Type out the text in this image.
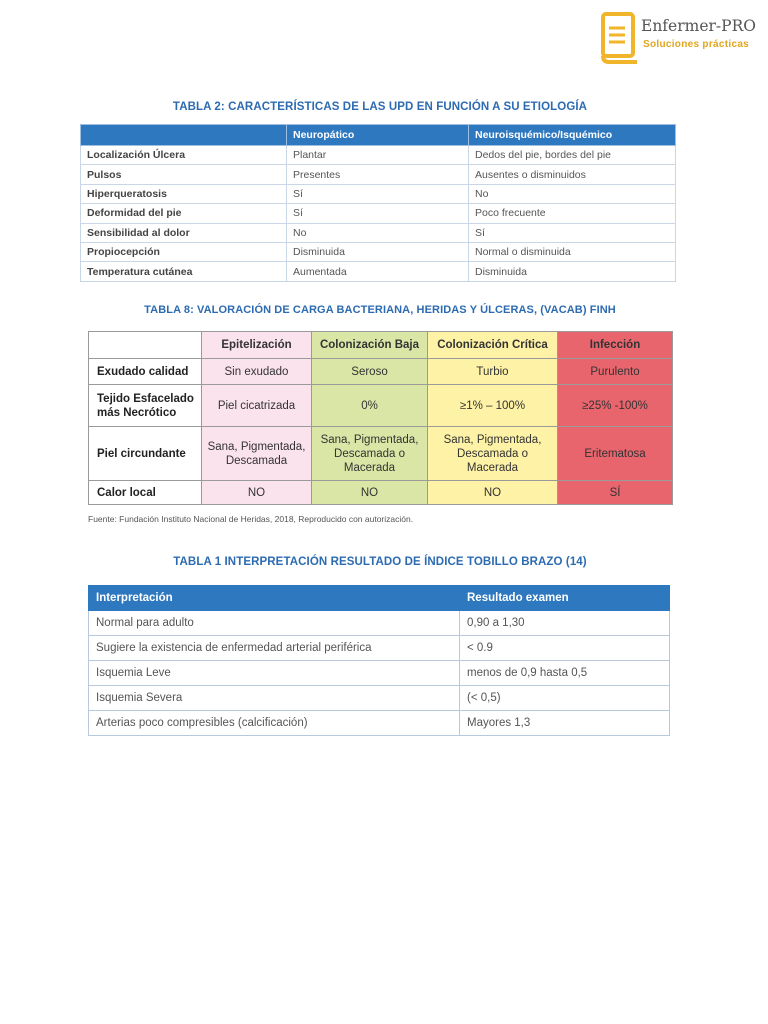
Enfermer-PRO
Soluciones prácticas
TABLA 2: CARACTERÍSTICAS DE LAS UPD EN FUNCIÓN A SU ETIOLOGÍA
	Neuropático	Neuroisquémico/Isquémico
Localización Úlcera	Plantar	Dedos del pie, bordes del pie
Pulsos	Presentes	Ausentes o disminuidos
Hiperqueratosis	Sí	No
Deformidad del pie	Sí	Poco frecuente
Sensibilidad al dolor	No	Sí
Propiocepción	Disminuida	Normal o disminuida
Temperatura cutánea	Aumentada	Disminuida
TABLA 8: VALORACIÓN DE CARGA BACTERIANA, HERIDAS Y ÚLCERAS, (VACAB) FINH
	Epitelización	Colonización Baja	Colonización Crítica	Infección
Exudado calidad	Sin exudado	Seroso	Turbio	Purulento
Tejido Esfacelado más Necrótico	Piel cicatrizada	0%	≥1% – 100%	≥25% -100%
Piel circundante	Sana, Pigmentada, Descamada	Sana, Pigmentada, Descamada o Macerada	Sana, Pigmentada, Descamada o Macerada	Eritematosa
Calor local	NO	NO	NO	SÍ
Fuente: Fundación Instituto Nacional de Heridas, 2018, Reproducido con autorización.
TABLA 1 INTERPRETACIÓN RESULTADO DE ÍNDICE TOBILLO BRAZO (14)
Interpretación	Resultado examen
Normal para adulto	0,90 a 1,30
Sugiere la existencia de enfermedad arterial periférica	< 0.9
Isquemia Leve	menos de 0,9 hasta 0,5
Isquemia Severa	(< 0,5)
Arterias poco compresibles (calcificación)	Mayores 1,3
